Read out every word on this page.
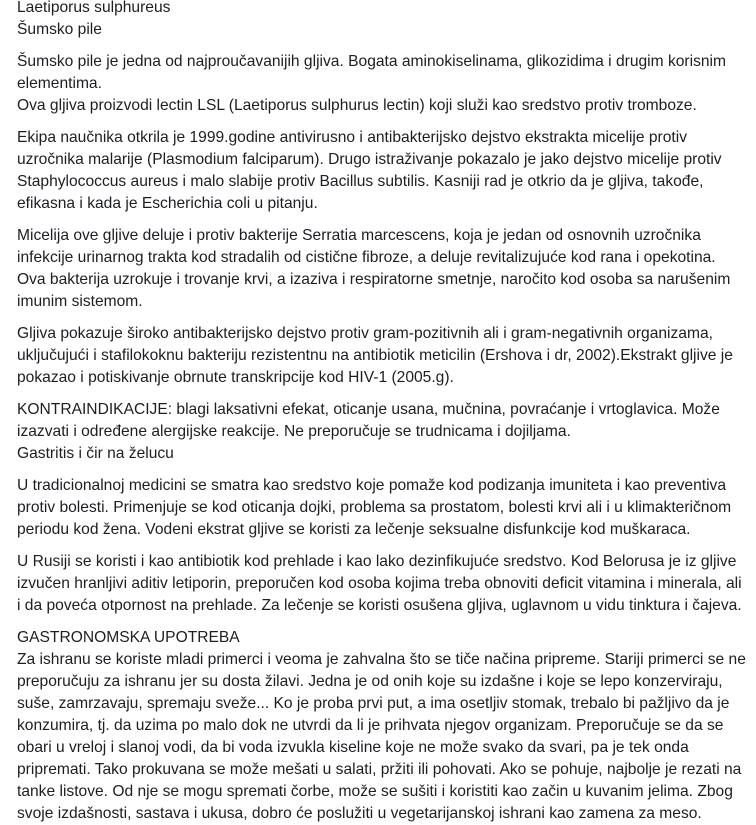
Laetiporus sulphureus
Šumsko pile

Šumsko pile je jedna od najproučavanijih gljiva. Bogata aminokiselinama, glikozidima i drugim korisnim elementima.
Ova gljiva proizvodi lectin LSL (Laetiporus sulphurus lectin) koji služi kao sredstvo protiv tromboze.

Ekipa naučnika otkrila je 1999.godine antivirusno i antibakterijsko dejstvo ekstrakta micelije protiv uzročnika malarije (Plasmodium falciparum). Drugo istraživanje pokazalo je jako dejstvo micelije protiv Staphylococcus aureus i malo slabije protiv Bacillus subtilis. Kasniji rad je otkrio da je gljiva, takođe, efikasna i kada je Escherichia coli u pitanju.

Micelija ove gljive deluje i protiv bakterije Serratia marcescens, koja je jedan od osnovnih uzročnika infekcije urinarnog trakta kod stradalih od cistične fibroze, a deluje revitalizujuće kod rana i opekotina. Ova bakterija uzrokuje i trovanje krvi, a izaziva i respiratorne smetnje, naročito kod osoba sa narušenim imunim sistemom.

Gljiva pokazuje široko antibakterijsko dejstvo protiv gram-pozitivnih ali i gram-negativnih organizama, uključujući i stafilokoknu bakteriju rezistentnu na antibiotik meticilin (Ershova i dr, 2002).Ekstrakt gljive je pokazao i potiskivanje obrnute transkripcije kod HIV-1 (2005.g).

KONTRAINDIKACIJE: blagi laksativni efekat, oticanje usana, mučnina, povraćanje i vrtoglavica. Može izazvati i određene alergijske reakcije. Ne preporučuje se trudnicama i dojiljama.
Gastritis i čir na želucu

U tradicionalnoj medicini se smatra kao sredstvo koje pomaže kod podizanja imuniteta i kao preventiva protiv bolesti. Primenjuje se kod oticanja dojki, problema sa prostatom, bolesti krvi ali i u klimakteričnom periodu kod žena. Vodeni ekstrat gljive se koristi za lečenje seksualne disfunkcije kod muškaraca.

U Rusiji se koristi i kao antibiotik kod prehlade i kao lako dezinfikujuće sredstvo. Kod Belorusa je iz gljive izvučen hranljivi aditiv letiporin, preporučen kod osoba kojima treba obnoviti deficit vitamina i minerala, ali i da poveća otpornost na prehlade. Za lečenje se koristi osušena gljiva, uglavnom u vidu tinktura i čajeva.

GASTRONOMSKA UPOTREBA
Za ishranu se koriste mladi primerci i veoma je zahvalna što se tiče načina pripreme. Stariji primerci se ne preporučuju za ishranu jer su dosta žilavi. Jedna je od onih koje su izdašne i koje se lepo konzerviraju, suše, zamrzavaju, spremaju sveže... Ko je proba prvi put, a ima osetljiv stomak, trebalo bi pažljivo da je konzumira, tj. da uzima po malo dok ne utvrdi da li je prihvata njegov organizam. Preporučuje se da se obari u vreloj i slanoj vodi, da bi voda izvukla kiseline koje ne može svako da svari, pa je tek onda pripremati. Tako prokuvana se može mešati u salati, pržiti ili pohovati. Ako se pohuje, najbolje je rezati na tanke listove. Od nje se mogu spremati čorbe, može se sušiti i koristiti kao začin u kuvanim jelima. Zbog svoje izdašnosti, sastava i ukusa, dobro će poslužiti u vegetarijanskoj ishrani kao zamena za meso.
